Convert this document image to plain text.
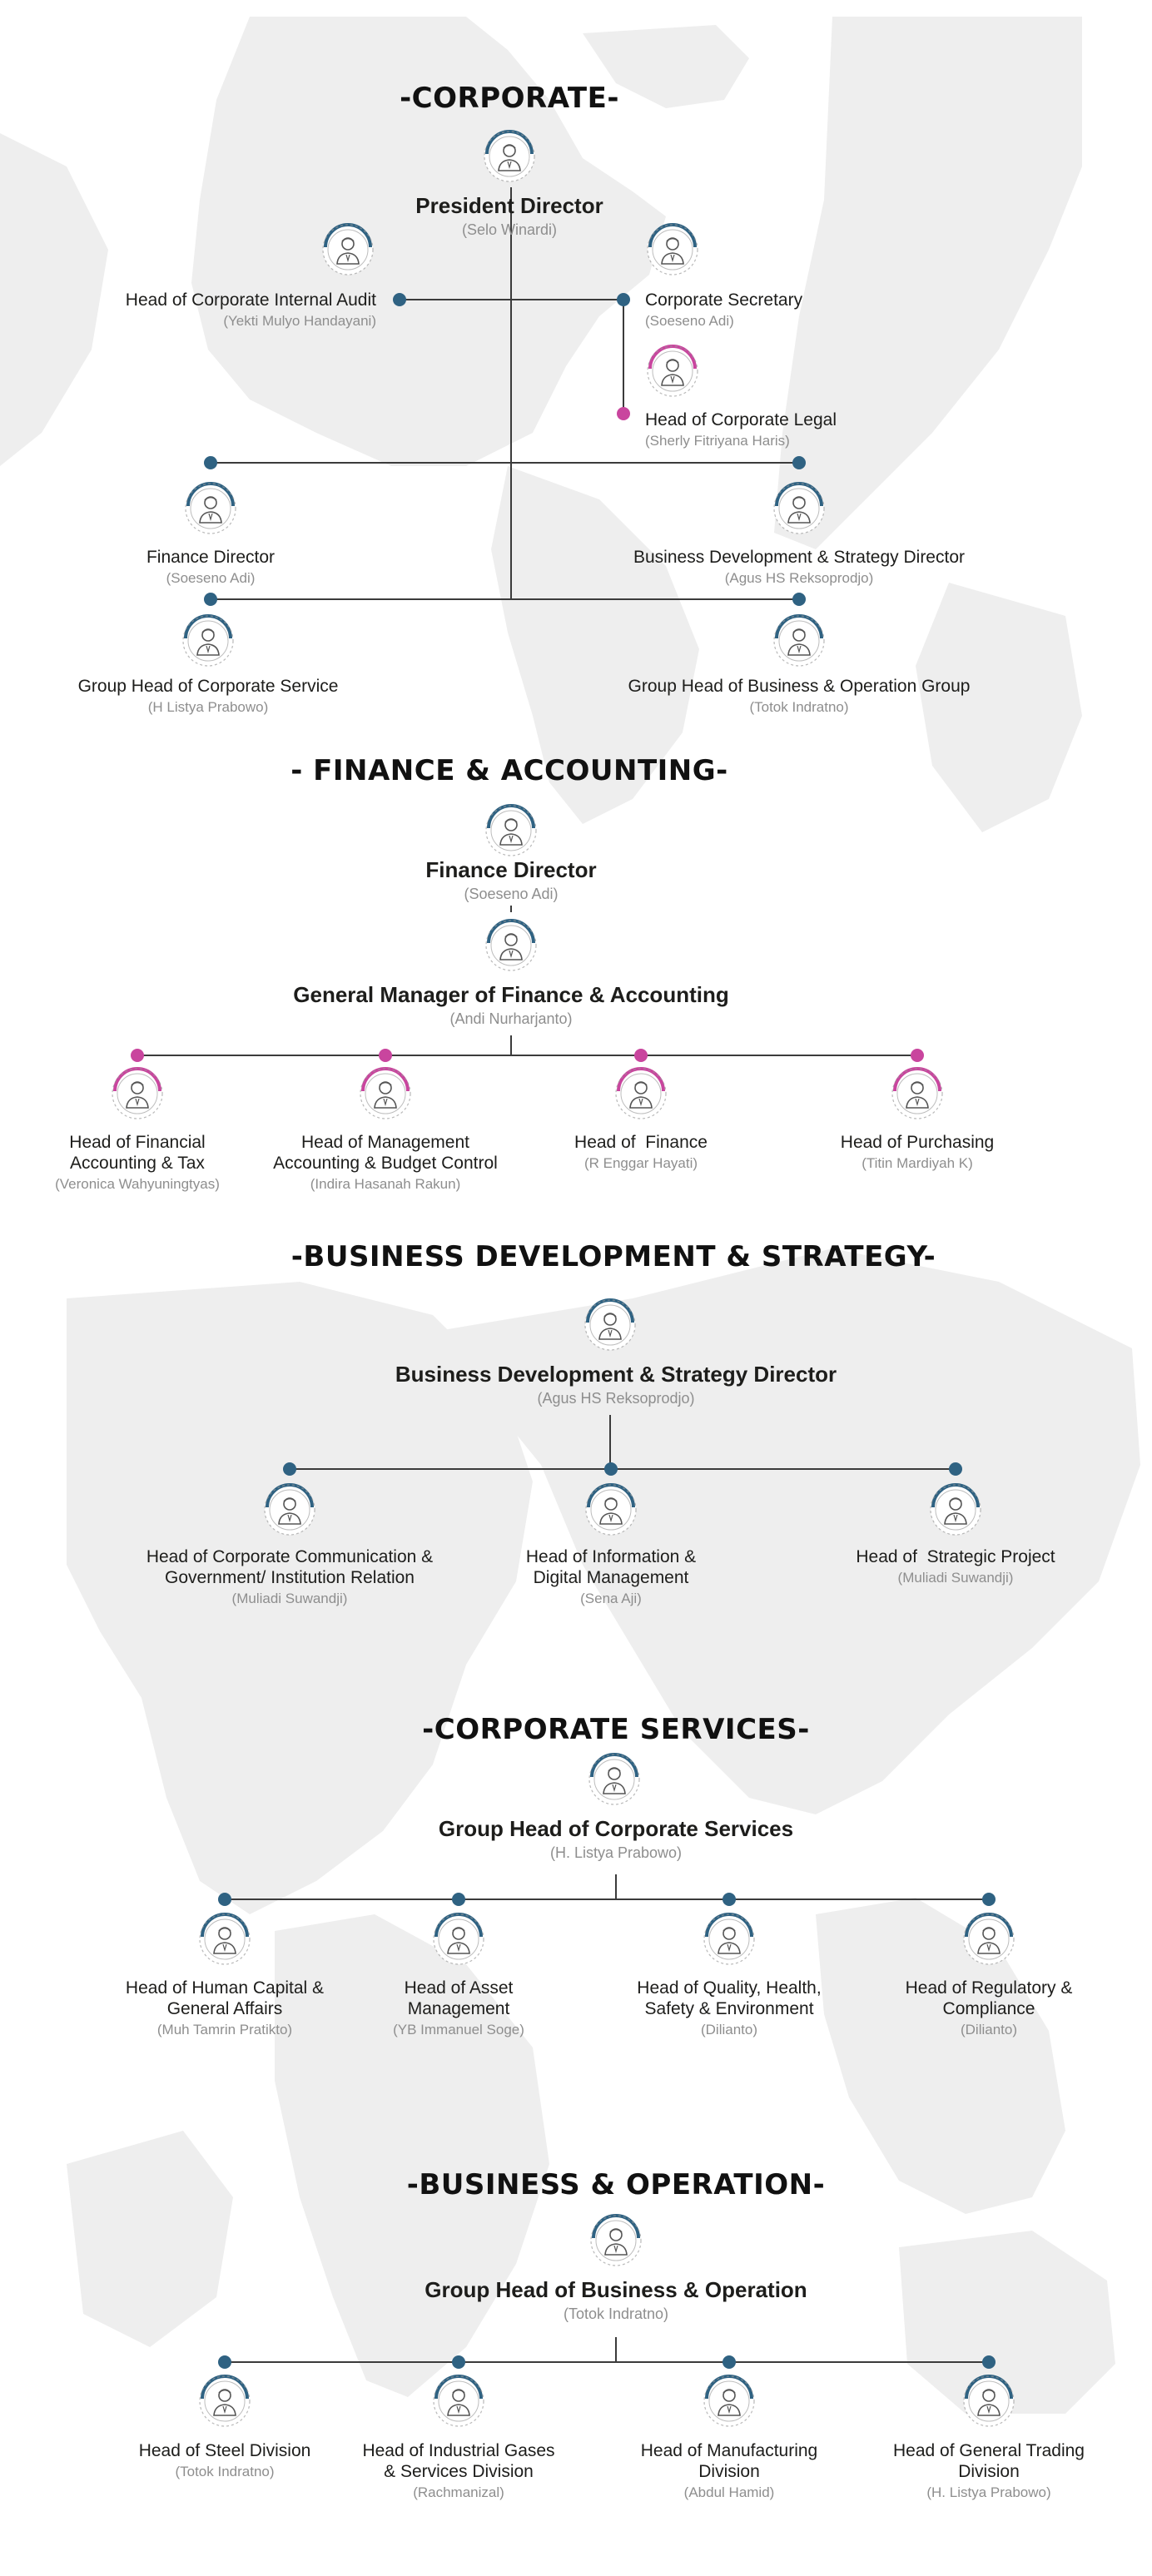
-CORPORATE-
President Director
(Selo Winardi)
Head of Corporate Internal Audit
(Yekti Mulyo Handayani)
Corporate Secretary
(Soeseno Adi)
Head of Corporate Legal
(Sherly Fitriyana Haris)
Finance Director
(Soeseno Adi)
Business Development & Strategy Director
(Agus HS Reksoprodjo)
Group Head of Corporate Service
(H Listya Prabowo)
Group Head of Business & Operation Group
(Totok Indratno)
- FINANCE & ACCOUNTING-
Finance Director
(Soeseno Adi)
General Manager of Finance & Accounting
(Andi Nurharjanto)
Head of Financial
Accounting & Tax
(Veronica Wahyuningtyas)
Head of Management
Accounting & Budget Control
(Indira Hasanah Rakun)
Head of  Finance
(R Enggar Hayati)
Head of Purchasing
(Titin Mardiyah K)
-BUSINESS DEVELOPMENT & STRATEGY-
Business Development & Strategy Director
(Agus HS Reksoprodjo)
Head of Corporate Communication &
Government/ Institution Relation
(Muliadi Suwandji)
Head of Information &
Digital Management
(Sena Aji)
Head of  Strategic Project
(Muliadi Suwandji)
-CORPORATE SERVICES-
Group Head of Corporate Services
(H. Listya Prabowo)
Head of Human Capital &
General Affairs
(Muh Tamrin Pratikto)
Head of Asset
Management
(YB Immanuel Soge)
Head of Quality, Health,
Safety & Environment
(Dilianto)
Head of Regulatory &
Compliance
(Dilianto)
-BUSINESS & OPERATION-
Group Head of Business & Operation
(Totok Indratno)
Head of Steel Division
(Totok Indratno)
Head of Industrial Gases
& Services Division
(Rachmanizal)
Head of Manufacturing
Division
(Abdul Hamid)
Head of General Trading
Division
(H. Listya Prabowo)
